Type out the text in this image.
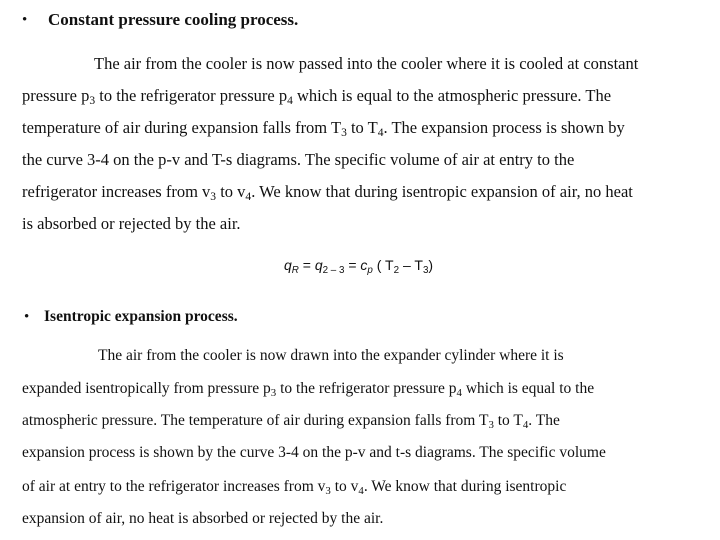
• Constant pressure cooling process.
The air from the cooler is now passed into the cooler where it is cooled at constant
pressure $p_3$ to the refrigerator pressure $p_4$ which is equal to the atmospheric pressure. The
temperature of air during expansion falls from $T_3$ to $T_4$. The expansion process is shown by
the curve 3-4 on the p-v and T-s diagrams. The specific volume of air at entry to the
refrigerator increases from $v_3$ to $v_4$. We know that during isentropic expansion of air, no heat
is absorbed or rejected by the air.
$q_R = q_{2 - 3} = c_p$ ( $T_2 - T_3$)
• Isentropic expansion process.
The air from the cooler is now drawn into the expander cylinder where it is
expanded isentropically from pressure $p_3$ to the refrigerator pressure $p_4$ which is equal to the
atmospheric pressure. The temperature of air during expansion falls from $T_3$ to $T_4$. The
expansion process is shown by the curve 3-4 on the p-v and t-s diagrams. The specific volume
of air at entry to the refrigerator increases from $v_3$ to $v_4$. We know that during isentropic
expansion of air, no heat is absorbed or rejected by the air.
